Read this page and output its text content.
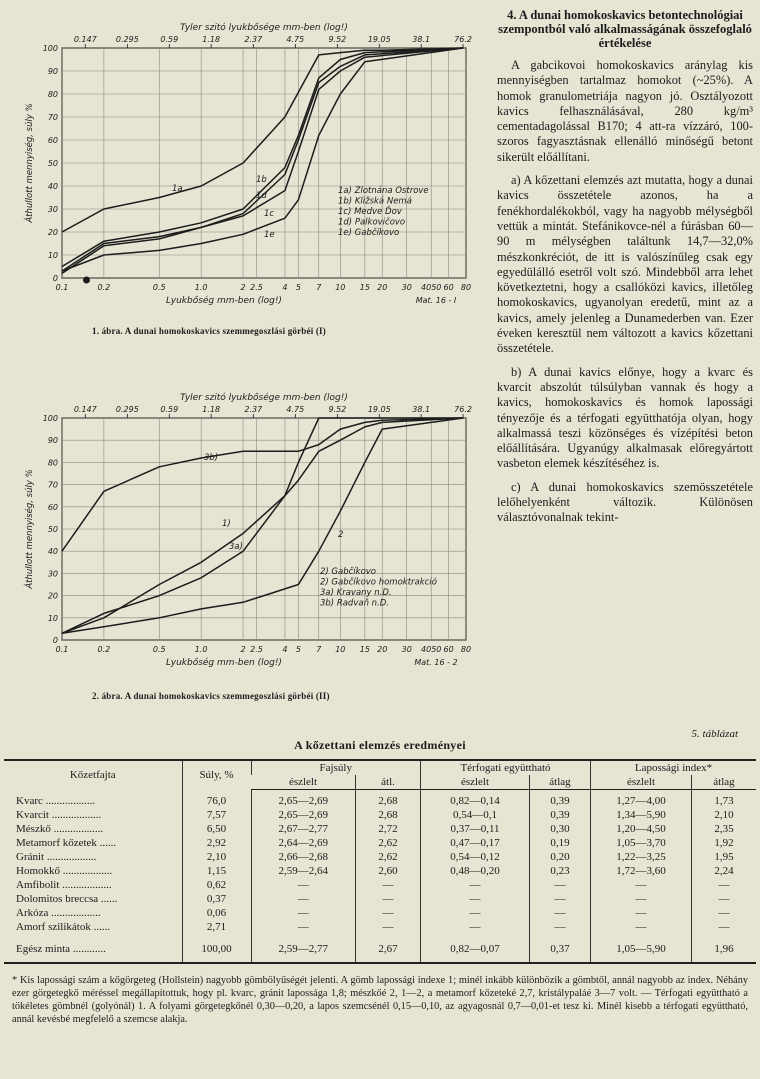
0
10
20
30
40
50
60
70
80
90
100
0.1	0.2	0.5	1.0	2 2.5 4 5 7 10 15 20 30 4050 60 80
0.147 0.295	0.59	1.18	2.37	4.75	9.52	19.05	38.1	76.2
Tyler szitó lyukbősége mm-ben (log!)
Lyukbőség mm-ben (log!)	Mat. 16 - I
Áthullott mennyiség, súly %	1a
1b
1c
1d
1e
1a) Zlotnána Ostrove
1b) Kližská Nemá
1c) Medve Ďov
1d) Palkovičovo
1e) Gabčíkovo
1. ábra. A dunai homokoskavics szemmegoszlási görbéi (I)
0
10
20
30
40
50
60
70
80
90
100
0.1	0.2	0.5	1.0	2 2.5 4 5 7 10 15 20 30 4050 60 80
0.147 0.295	0.59	1.18	2.37	4.75	9.52	19.05	38.1	76.2
Tyler szitó lyukbősége mm-ben (log!)
Lyukbőség mm-ben (log!)	Mat. 16 - 2
Áthullott mennyiség, súly %	1)
3b)
3a)
2
2) Gabčíkovo
2) Gabčíkovo homoktrakció
3a) Kravany n.D.
3b) Radvaň n.D.
2. ábra. A dunai homokoskavics szemmegoszlási görbéi (II)
4. A dunai homokoskavics betontechnológiai szempontból való alkalmasságának összefoglaló értékelése

A gabcikovoi homokoskavics aránylag kis mennyiségben tartalmaz homokot (~25%). A homok granulometriája nagyon jó. Osztályozott kavics felhasználásával, 280 kg/m³ cementadagolással B170; 4 att-ra vízzáró, 100-szoros fagyasztásnak ellenálló minőségű betont sikerült előállítani.

a) A kőzettani elemzés azt mutatta, hogy a dunai kavics összetétele azonos, ha a fenékhordalékokból, vagy ha nagyobb mélységből vettük a mintát. Stefánikovce-nél a fúrásban 60—90 m mélységben találtunk 14,7—32,0% mészkonkréciót, de itt is valószínűleg csak egy egyedülálló esetről volt szó. Mindebből arra lehet következtetni, hogy a csallóközi kavics, illetőleg homokoskavics, ugyanolyan eredetű, mint az a kavics, amely jelenleg a Dunamederben van. Ezer éveken keresztül nem változott a kavics kőzettani összetétele.

b) A dunai kavics előnye, hogy a kvarc és kvarcit abszolút túlsúlyban vannak és hogy a kavics, homokoskavics és homok lapossági tényezője és a térfogati együtthatója olyan, hogy alkalmassá teszi közönséges és vízépítési beton előállítására. Ugyanúgy alkalmasak előregyártott vasbeton elemek készítéséhez is.

c) A dunai homokoskavics szemösszetétele lelőhelyenként változik. Különösen választóvonalnak tekint-

5. táblázat
A kőzettani elemzés eredményei
Kőzetfajta	Súly, %	Fajsúly		Térfogati együttható		Lapossági index*	
		észlelt	átl.	észlelt	átlag	észlelt	átlag

Kvarc ..................	76,0	2,65—2,69	2,68	0,82—0,14	0,39	1,27—4,00	1,73
Kvarcit ..................	7,57	2,65—2,69	2,68	0,54—0,1	0,39	1,34—5,90	2,10
Mészkő ..................	6,50	2,67—2,77	2,72	0,37—0,11	0,30	1,20—4,50	2,35
Metamorf kőzetek ......	2,92	2,64—2,69	2,62	0,47—0,17	0,19	1,05—3,70	1,92
Gránit ..................	2,10	2,66—2,68	2,62	0,54—0,12	0,20	1,22—3,25	1,95
Homokkő ..................	1,15	2,59—2,64	2,60	0,48—0,20	0,23	1,72—3,60	2,24
Amfibolit ..................	0,62	—	—	—	—	—	—
Dolomitos breccsa ......	0,37	—	—	—	—	—	—
Arkóza ..................	0,06	—	—	—	—	—	—
Amorf szilikátok ......	2,71	—	—	—	—	—	—
Egész minta ............	100,00	2,59—2,77	2,67	0,82—0,07	0,37	1,05—5,90	1,96
* Kis lapossági szám a kőgörgeteg (Hollstein) nagyobb gömbölyűségét jelenti. A gömb lapossági indexe 1; minél inkább különbözik a gömbtől, annál nagyobb az index. Néhány ezer görgetegkő méréssel megállapítottuk, hogy pl. kvarc, gránit lapossága 1,8; mészkőé 2, 1—2, a metamorf kőzeteké 2,7, kristálypaláé 3—7 volt. — Térfogati együttható a tökéletes gömbnél (golyónál) 1. A folyami görgetegkőnél 0,30—0,20, a lapos szemcsénél 0,15—0,10, az agyagosnál 0,7—0,01-et tesz ki. Minél kisebb a térfogati együttható, annál kevésbé megfelelő a szemcse alakja.
